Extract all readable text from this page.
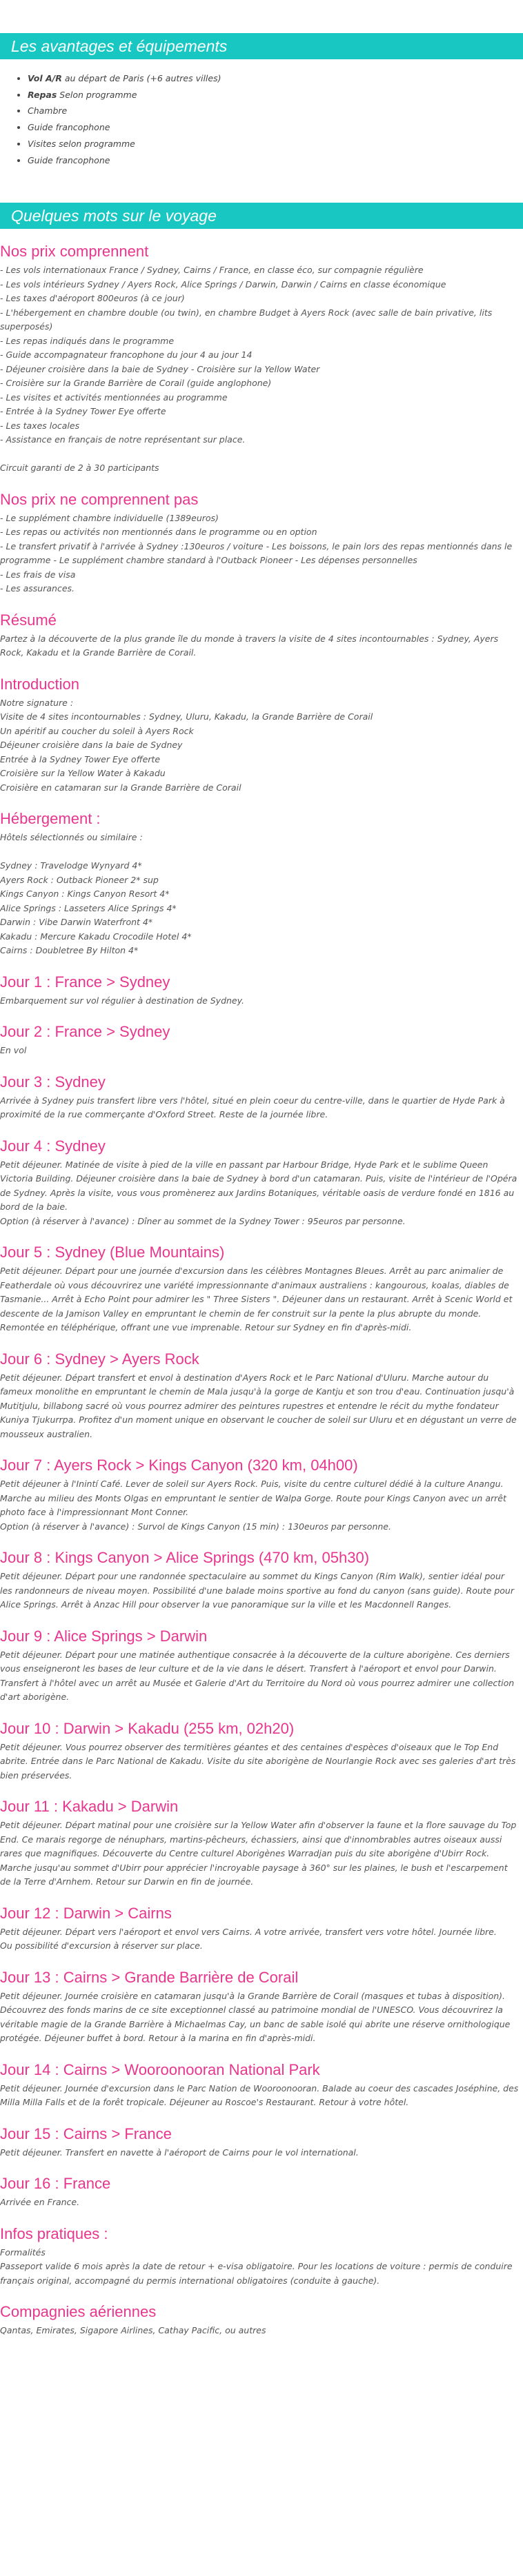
Les avantages et équipements
• Vol A/R au départ de Paris (+6 autres villes)
• Repas Selon programme
• Chambre
• Guide francophone
• Visites selon programme
• Guide francophone
Quelques mots sur le voyage
Nos prix comprennent
- Les vols internationaux France / Sydney, Cairns / France, en classe éco, sur compagnie régulière
- Les vols intérieurs Sydney / Ayers Rock, Alice Springs / Darwin, Darwin / Cairns en classe économique
- Les taxes d'aéroport 800euros (à ce jour)
- L'hébergement en chambre double (ou twin), en chambre Budget à Ayers Rock (avec salle de bain privative, lits superposés)
- Les repas indiqués dans le programme
- Guide accompagnateur francophone du jour 4 au jour 14
- Déjeuner croisière dans la baie de Sydney - Croisière sur la Yellow Water
- Croisière sur la Grande Barrière de Corail (guide anglophone)
- Les visites et activités mentionnées au programme
- Entrée à la Sydney Tower Eye offerte
- Les taxes locales
- Assistance en français de notre représentant sur place.
Circuit garanti de 2 à 30 participants
Nos prix ne comprennent pas
- Le supplément chambre individuelle (1389euros)
- Les repas ou activités non mentionnés dans le programme ou en option
- Le transfert privatif à l'arrivée à Sydney :130euros / voiture - Les boissons, le pain lors des repas mentionnés dans le programme - Le supplément chambre standard à l'Outback Pioneer - Les dépenses personnelles
- Les frais de visa
- Les assurances.
Résumé
Partez à la découverte de la plus grande île du monde à travers la visite de 4 sites incontournables : Sydney, Ayers Rock, Kakadu et la Grande Barrière de Corail.
Introduction
Notre signature :
Visite de 4 sites incontournables : Sydney, Uluru, Kakadu, la Grande Barrière de Corail
Un apéritif au coucher du soleil à Ayers Rock
Déjeuner croisière dans la baie de Sydney
Entrée à la Sydney Tower Eye offerte
Croisière sur la Yellow Water à Kakadu
Croisière en catamaran sur la Grande Barrière de Corail
Hébergement :
Hôtels sélectionnés ou similaire :
Sydney : Travelodge Wynyard 4*
Ayers Rock : Outback Pioneer 2* sup
Kings Canyon : Kings Canyon Resort 4*
Alice Springs : Lasseters Alice Springs 4*
Darwin : Vibe Darwin Waterfront 4*
Kakadu : Mercure Kakadu Crocodile Hotel 4*
Cairns : Doubletree By Hilton 4*
Jour 1 : France > Sydney
Embarquement sur vol régulier à destination de Sydney.
Jour 2 : France > Sydney
En vol
Jour 3 : Sydney
Arrivée à Sydney puis transfert libre vers l'hôtel, situé en plein coeur du centre-ville, dans le quartier de Hyde Park à proximité de la rue commerçante d'Oxford Street. Reste de la journée libre.
Jour 4 : Sydney
Petit déjeuner. Matinée de visite à pied de la ville en passant par Harbour Bridge, Hyde Park et le sublime Queen Victoria Building. Déjeuner croisière dans la baie de Sydney à bord d'un catamaran. Puis, visite de l'intérieur de l'Opéra de Sydney. Après la visite, vous vous promènerez aux Jardins Botaniques, véritable oasis de verdure fondé en 1816 au bord de la baie.
Option (à réserver à l'avance) : Dîner au sommet de la Sydney Tower : 95euros par personne.
Jour 5 : Sydney (Blue Mountains)
Petit déjeuner. Départ pour une journée d'excursion dans les célèbres Montagnes Bleues. Arrêt au parc animalier de Featherdale où vous découvrirez une variété impressionnante d'animaux australiens : kangourous, koalas, diables de Tasmanie... Arrêt à Echo Point pour admirer les " Three Sisters ". Déjeuner dans un restaurant. Arrêt à Scenic World et descente de la Jamison Valley en empruntant le chemin de fer construit sur la pente la plus abrupte du monde. Remontée en téléphérique, offrant une vue imprenable. Retour sur Sydney en fin d'après-midi.
Jour 6 : Sydney > Ayers Rock
Petit déjeuner. Départ transfert et envol à destination d'Ayers Rock et le Parc National d'Uluru. Marche autour du fameux monolithe en empruntant le chemin de Mala jusqu'à la gorge de Kantju et son trou d'eau. Continuation jusqu'à Mutitjulu, billabong sacré où vous pourrez admirer des peintures rupestres et entendre le récit du mythe fondateur Kuniya Tjukurrpa. Profitez d'un moment unique en observant le coucher de soleil sur Uluru et en dégustant un verre de mousseux australien.
Jour 7 : Ayers Rock > Kings Canyon (320 km, 04h00)
Petit déjeuner à l'Inintí Café. Lever de soleil sur Ayers Rock. Puis, visite du centre culturel dédié à la culture Anangu. Marche au milieu des Monts Olgas en empruntant le sentier de Walpa Gorge. Route pour Kings Canyon avec un arrêt photo face à l'impressionnant Mont Conner.
Option (à réserver à l'avance) : Survol de Kings Canyon (15 min) : 130euros par personne.
Jour 8 : Kings Canyon > Alice Springs (470 km, 05h30)
Petit déjeuner. Départ pour une randonnée spectaculaire au sommet du Kings Canyon (Rim Walk), sentier idéal pour les randonneurs de niveau moyen. Possibilité d'une balade moins sportive au fond du canyon (sans guide). Route pour Alice Springs. Arrêt à Anzac Hill pour observer la vue panoramique sur la ville et les Macdonnell Ranges.
Jour 9 : Alice Springs > Darwin
Petit déjeuner. Départ pour une matinée authentique consacrée à la découverte de la culture aborigène. Ces derniers vous enseigneront les bases de leur culture et de la vie dans le désert. Transfert à l'aéroport et envol pour Darwin. Transfert à l'hôtel avec un arrêt au Musée et Galerie d'Art du Territoire du Nord où vous pourrez admirer une collection d'art aborigène.
Jour 10 : Darwin > Kakadu (255 km, 02h20)
Petit déjeuner. Vous pourrez observer des termitières géantes et des centaines d'espèces d'oiseaux que le Top End abrite. Entrée dans le Parc National de Kakadu. Visite du site aborigène de Nourlangie Rock avec ses galeries d'art très bien préservées.
Jour 11 : Kakadu > Darwin
Petit déjeuner. Départ matinal pour une croisière sur la Yellow Water afin d'observer la faune et la flore sauvage du Top End. Ce marais regorge de nénuphars, martins-pêcheurs, échassiers, ainsi que d'innombrables autres oiseaux aussi rares que magnifiques. Découverte du Centre culturel Aborigènes Warradjan puis du site aborigène d'Ubirr Rock. Marche jusqu'au sommet d'Ubirr pour apprécier l'incroyable paysage à 360° sur les plaines, le bush et l'escarpement de la Terre d'Arnhem. Retour sur Darwin en fin de journée.
Jour 12 : Darwin > Cairns
Petit déjeuner. Départ vers l'aéroport et envol vers Cairns. A votre arrivée, transfert vers votre hôtel. Journée libre.
Ou possibilité d'excursion à réserver sur place.
Jour 13 : Cairns > Grande Barrière de Corail
Petit déjeuner. Journée croisière en catamaran jusqu'à la Grande Barrière de Corail (masques et tubas à disposition). Découvrez des fonds marins de ce site exceptionnel classé au patrimoine mondial de l'UNESCO. Vous découvrirez la véritable magie de la Grande Barrière à Michaelmas Cay, un banc de sable isolé qui abrite une réserve ornithologique protégée. Déjeuner buffet à bord. Retour à la marina en fin d'après-midi.
Jour 14 : Cairns > Wooroonooran National Park
Petit déjeuner. Journée d'excursion dans le Parc Nation de Wooroonooran. Balade au coeur des cascades Joséphine, des Milla Milla Falls et de la forêt tropicale. Déjeuner au Roscoe's Restaurant. Retour à votre hôtel.
Jour 15 : Cairns > France
Petit déjeuner. Transfert en navette à l'aéroport de Cairns pour le vol international.
Jour 16 : France
Arrivée en France.
Infos pratiques :
Formalités
Passeport valide 6 mois après la date de retour + e-visa obligatoire. Pour les locations de voiture : permis de conduire français original, accompagné du permis international obligatoires (conduite à gauche).
Compagnies aériennes
Qantas, Emirates, Sigapore Airlines, Cathay Pacific, ou autres
